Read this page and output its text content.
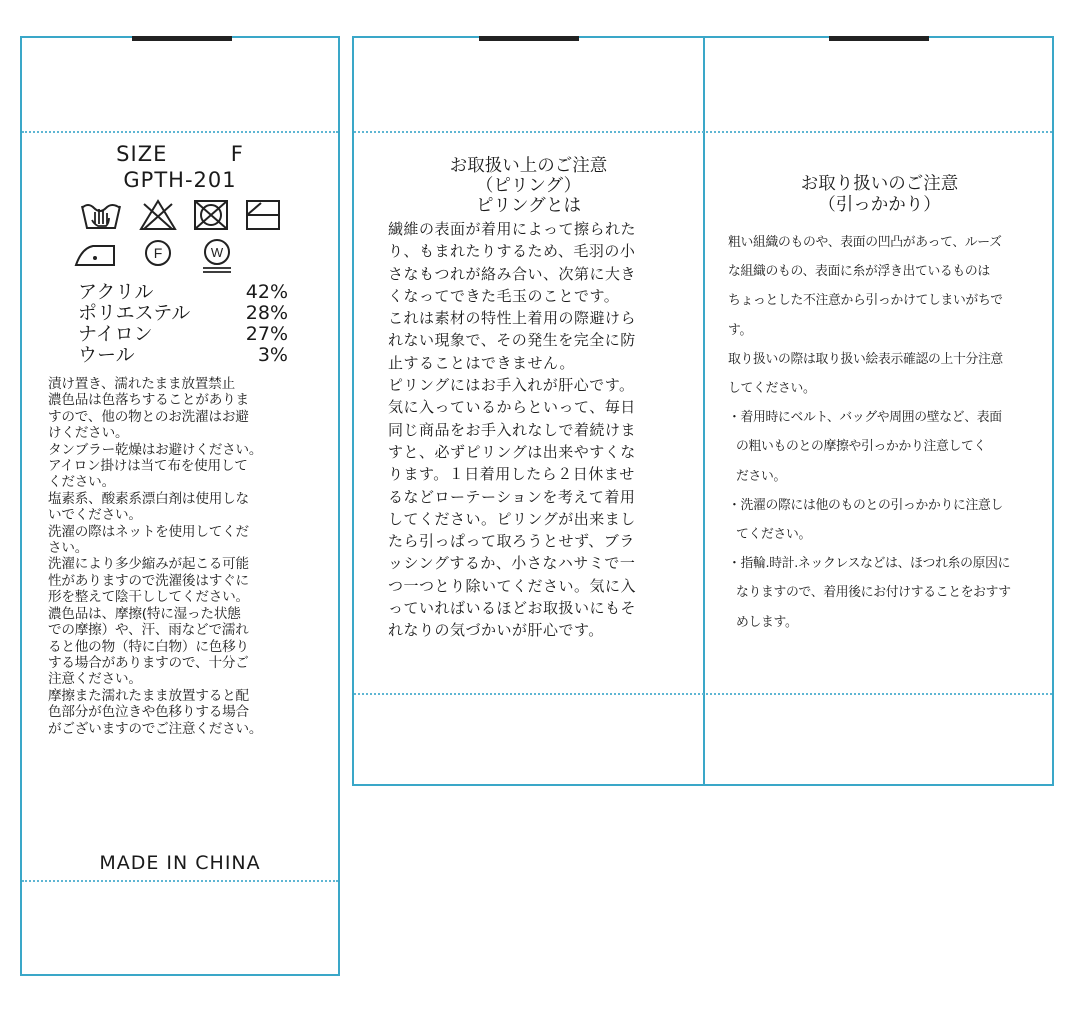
SIZE	F
GPTH-201
F	W
アクリル	42%
ポリエステル	28%
ナイロン	27%
ウール	3%
漬け置き、濡れたまま放置禁止
濃色品は色落ちすることがありま
すので、他の物とのお洗濯はお避
けください。
タンブラー乾燥はお避けください。
アイロン掛けは当て布を使用して
ください。
塩素系、酸素系漂白剤は使用しな
いでください。
洗濯の際はネットを使用してくだ
さい。
洗濯により多少縮みが起こる可能
性がありますので洗濯後はすぐに
形を整えて陰干ししてください。
濃色品は、摩擦(特に湿った状態
での摩擦）や、汗、雨などで濡れ
ると他の物（特に白物）に色移り
する場合がありますので、十分ご
注意ください。
摩擦また濡れたまま放置すると配
色部分が色泣きや色移りする場合
がございますのでご注意ください。
MADE IN CHINA
お取扱い上のご注意
（ピリング）
ピリングとは
繊維の表面が着用によって擦られた
り、もまれたりするため、毛羽の小
さなもつれが絡み合い、次第に大き
くなってできた毛玉のことです。
これは素材の特性上着用の際避けら
れない現象で、その発生を完全に防
止することはできません。
ピリングにはお手入れが肝心です。
気に入っているからといって、毎日
同じ商品をお手入れなしで着続けま
すと、必ずピリングは出来やすくな
ります。１日着用したら２日休ませ
るなどローテーションを考えて着用
してください。ピリングが出来まし
たら引っぱって取ろうとせず、ブラ
ッシングするか、小さなハサミで一
つ一つとり除いてください。気に入
っていればいるほどお取扱いにもそ
れなりの気づかいが肝心です。
お取り扱いのご注意
（引っかかり）
粗い組織のものや、表面の凹凸があって、ルーズ
な組織のもの、表面に糸が浮き出ているものは
ちょっとした不注意から引っかけてしまいがちで
す。
取り扱いの際は取り扱い絵表示確認の上十分注意
してください。
・着用時にベルト、バッグや周囲の壁など、表面
の粗いものとの摩擦や引っかかり注意してく
ださい。
・洗濯の際には他のものとの引っかかりに注意し
てください。
・指輪.時計.ネックレスなどは、ほつれ糸の原因に
なりますので、着用後にお付けすることをおすす
めします。
